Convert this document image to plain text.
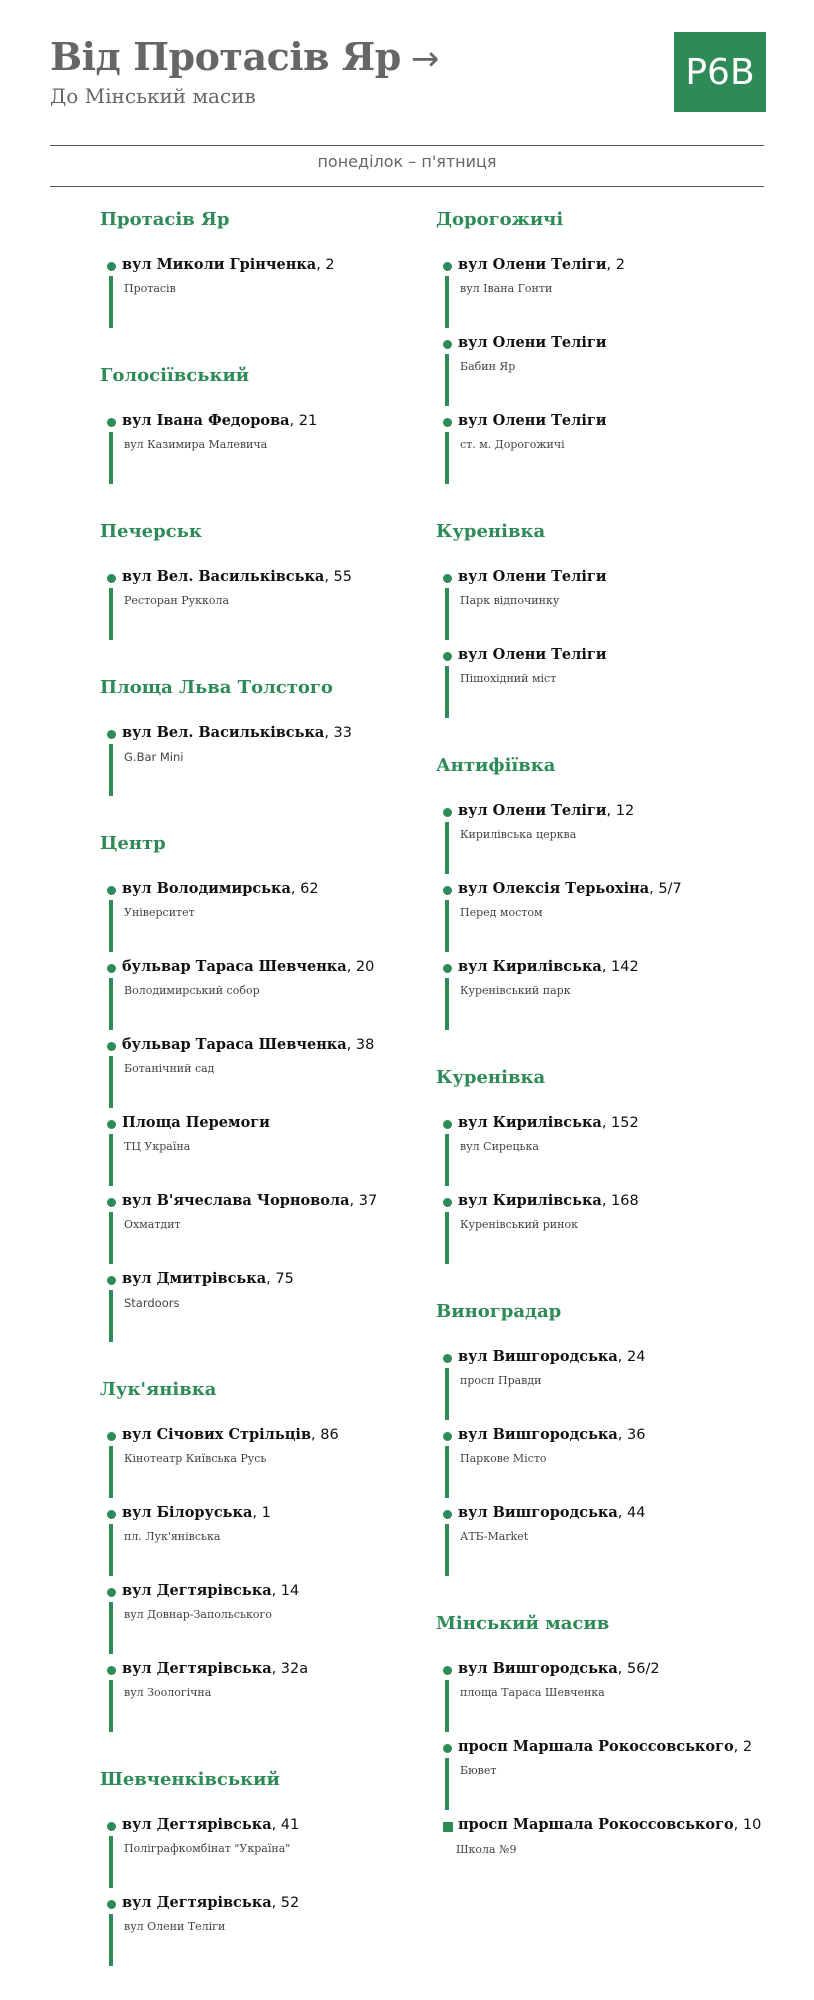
Від Протасів Яр →
До Мінський масив
Р6В
понеділок – п'ятниця
Протасів Яр
вул Миколи Грінченка, 2
Протасів
Голосіївський
вул Івана Федорова, 21
вул Казимира Малевича
Печерськ
вул Вел. Васильківська, 55
Ресторан Руккола
Площа Льва Толстого
вул Вел. Васильківська, 33
G.Bar Mini
Центр
вул Володимирська, 62
Університет
бульвар Тараса Шевченка, 20
Володимирський собор
бульвар Тараса Шевченка, 38
Ботанічний сад
Площа Перемоги
ТЦ Україна
вул В'ячеслава Чорновола, 37
Охматдит
вул Дмитрівська, 75
Stardoors
Лук'янівка
вул Січових Стрільців, 86
Кінотеатр Київська Русь
вул Білоруська, 1
пл. Лук'янівська
вул Дегтярівська, 14
вул Довнар-Запольського
вул Дегтярівська, 32а
вул Зоологічна
Шевченківський
вул Дегтярівська, 41
Поліграфкомбінат "Україна"
вул Дегтярівська, 52
вул Олени Теліги
Дорогожичі
вул Олени Теліги, 2
вул Івана Гонти
вул Олени Теліги
Бабин Яр
вул Олени Теліги
ст. м. Дорогожичі
Куренівка
вул Олени Теліги
Парк відпочинку
вул Олени Теліги
Пішохідний міст
Антифіївка
вул Олени Теліги, 12
Кирилівська церква
вул Олексія Терьохіна, 5/7
Перед мостом
вул Кирилівська, 142
Куренівський парк
Куренівка
вул Кирилівська, 152
вул Сирецька
вул Кирилівська, 168
Куренівський ринок
Виноградар
вул Вишгородська, 24
просп Правди
вул Вишгородська, 36
Паркове Місто
вул Вишгородська, 44
АТБ-Market
Мінський масив
вул Вишгородська, 56/2
площа Тараса Шевченка
просп Маршала Рокоссовського, 2
Бювет
просп Маршала Рокоссовського, 10
Школа №9
